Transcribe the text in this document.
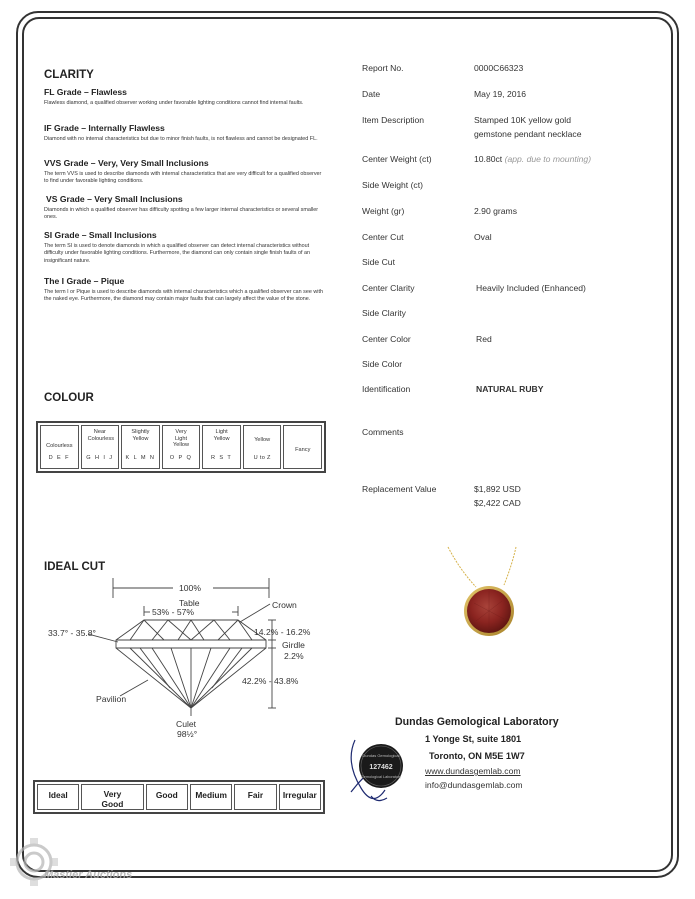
CLARITY
FL Grade – Flawless
Flawless diamond, a qualified observer working under favorable lighting conditions cannot find internal faults.
IF Grade – Internally Flawless
Diamond with no internal characteristics but due to minor finish faults, is not flawless and cannot be designated FL.
VVS Grade – Very, Very Small Inclusions
The term VVS is used to describe diamonds with internal characteristics that are very difficult for a qualified observer to find under favorable lighting conditions.
VS Grade – Very Small Inclusions
Diamonds in which a qualified observer has difficulty spotting a few larger internal characteristics or several smaller ones.
SI Grade – Small Inclusions
The term SI is used to denote diamonds in which a qualified observer can detect internal characteristics without difficulty under favorable lighting conditions. Furthermore, the diamond can only contain single finish faults of an insignificant nature.
The I Grade – Pique
The term I or Pique is used to describe diamonds with internal characteristics which a qualified observer can see with the naked eye. Furthermore, the diamond may contain major faults that can largely affect the value of the stone.
COLOUR
Colourless
D E F
Near Colourless
G H I J
Slightly Yellow
K L M N
Very Light Yellow
O P Q
Light Yellow
R S T
Yellow
U to Z
Fancy
IDEAL CUT
100%
Table
53% - 57%
Crown
33.7° - 35.8°	14.2% - 16.2%
Girdle
2.2%
42.2% - 43.8%
Pavilion
Culet
98½°
Ideal	Very Good
Good	Medium	Fair	Irregular
Report No.	0000C66323
Date	May 19, 2016
Item Description	Stamped 10K yellow gold
gemstone pendant necklace
Center Weight (ct)	10.80ct (app. due to mounting)
Side Weight (ct)
Weight (gr)	2.90 grams
Center Cut	Oval
Side Cut
Center Clarity	Heavily Included (Enhanced)
Side Clarity
Center Color	Red
Side Color
Identification	NATURAL RUBY
Comments
Replacement Value	$1,892 USD
$2,422 CAD
Dundas Gemological
127462
Gemological Laboratory
Dundas Gemological Laboratory
1 Yonge St, suite 1801
Toronto, ON M5E 1W7
www.dundasgemlab.com
info@dundasgemlab.com
Mastier Auctions
